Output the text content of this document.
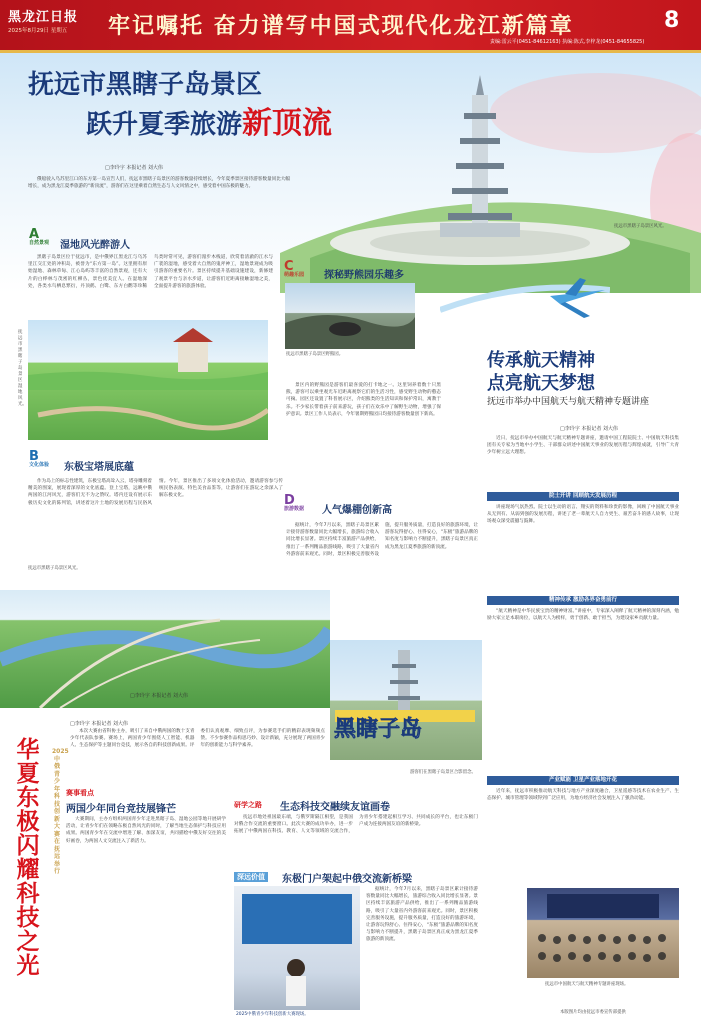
黑龙江日报
2025年8月29日 星期五 牢记嘱托 奋力谱写中国式现代化龙江新篇章	8
责编:雷云平(0451-84612163) 执编:陈式,李梓龙(0451-84655825)
抚远市黑瞎子岛景区
跃升夏季旅游新顶流
□李玲宇 本报记者 刘大伟

俄船驶入乌苏里江口的东方第一岛宣告人们，抚远市黑瞎子岛景区的游客数量持续增长，今年夏季景区接待游客数量同比大幅增长，成为黑龙江夏季旅游的“新顶流”，游客们在这里乘着自然生态与人文风情之中，感受着中国东极的魅力。

抚远市黑瞎子岛景区风光。
A
自然景观 湿地风光醉游人

黑瞎子岛景区位于抚远市，是中俄界江黑龙江与乌苏里江交汇处的冲积岛，被誉为“东方第一岛”。这里拥有原始湿地、森林草甸、江心岛屿等丰富的自然景观，还有大片的白桦林与茂密的红柳丛，景色优美宜人。在湿地深处，各类水鸟栖息繁衍，丹顶鹤、白鹭、东方白鹳等珍稀鸟类时常可见，游客们漫步木栈道，欣赏着清澈的江水与广袤的湿地，感受着大自然的鬼斧神工，湿地景观成为吸引游客的重要名片。景区持续提升基础设施建设，新修建了观景平台与亲水步道，让游客们近距离接触湿地之美，全面提升游客的旅游体验。

抚远市黑瞎子岛景区湿地风光。
C
萌趣乐园 探秘野熊园乐趣多
抚远市黑瞎子岛景区野熊园。

景区内的野熊园是游客们最喜爱的打卡地之一。这里饲养着数十只黑熊，游客可以乘坐观光车近距离观察它们的生活习性，感受野生动物的憨态可掬。园区还设置了科普展示区，介绍熊类的生活知识和保护常识，寓教于乐。不少家长带着孩子前来游玩，孩子们在欢乐中了解野生动物，增强了保护意识。景区工作人员表示，今年暑期野熊园日均接待游客数量创下新高。

传承航天精神
点亮航天梦想
抚远市举办中国航天与航天精神专题讲座
□李玲宇 本报记者 刘大伟

近日，抚远市举办中国航天与航天精神专题讲座，邀请中国工程院院士、中国航天科技集团有关专家为当地中小学生、干部群众讲述中国航天事业的发展历程与辉煌成就，引导广大青少年树立远大理想。

院士开讲 回顾航天发展历程

讲座现场气氛热烈。院士以生动的语言、翔实的资料和珍贵的影像，回顾了中国航天事业从无到有、从弱到强的发展历程，讲述了老一辈航天人自力更生、艰苦奋斗的感人故事，让现场观众深受震撼与鼓舞。

精神传承 激励各界奋勇前行

“航天精神是中华民族宝贵的精神财富。”讲座中，专家深入阐释了航天精神的深刻内涵，勉励大家立足本职岗位，以航天人为榜样，勇于创新、敢于担当，为建设家乡贡献力量。

产业赋能 卫星产业落地开花

近年来，抚远市积极推动航天科技与地方产业深度融合，卫星遥感等技术在农业生产、生态保护、城市管理等领域得到广泛应用，为地方经济社会发展注入了强劲动能。

抚远市中国航天与航天精神专题讲座现场。
本版图片均由抚远市委宣传部提供
B
文化体验 东极宝塔展底蕴

作为岛上的标志性建筑，东极宝塔高耸入云，塔身雕刻着精美的图案，展现着深厚的文化底蕴。登上宝塔，远眺中俄两国的江河风光，游客们无不为之赞叹。塔内还设有展示东极历史文化的陈列馆，讲述着这片土地的发展历程与民俗风情。今年，景区推出了多项文化体验活动，邀请游客参与传统民俗表演、特色美食品鉴等，让游客们在游玩之余深入了解东极文化。

抚远市黑瞎子岛景区风光。
D
旅游数据 人气爆棚创新高

据统计，今年7月以来，黑瞎子岛景区累计接待游客数量同比大幅增长，旅游综合收入同比增长显著。景区持续丰富旅游产品供给，推出了一系列精品旅游线路，吸引了大量省内外游客前来观光。同时，景区积极完善服务设施，提升服务质量，打造良好的旅游环境，让游客玩得舒心、住得安心，“东极”旅游品牌的知名度与影响力不断提升，黑瞎子岛景区真正成为黑龙江夏季旅游的新顶流。

□李玲宇 本报记者 刘大伟
黑瞎子岛
游客们在黑瞎子岛景区合影留念。
华夏东极闪耀科技之光
2025中俄青少年科技创新大赛在抚远举行
□李玲宇 本报记者 刘大伟

本次大赛由省科协主办，吸引了来自中俄两国的数十支青少年代表队参赛。赛场上，两国青少年围绕人工智能、机器人、生态保护等主题同台竞技，展示各自的科技创新成果。评委们认真观摩、细致点评，为参赛选手们的精彩表现频频点赞。不少参赛作品构思巧妙、设计新颖，充分展现了两国青少年的创新能力与科学素养。

赛事看点
两国少年同台竞技展锋芒

大赛期间，主办方组织两国青少年走进黑瞎子岛、湿地公园等地开展研学活动，让青少年们在领略东极自然风光的同时，了解当地生态保护与科技应用成果。两国青少年在交流中增进了解、加深友谊，共同描绘中俄友好交往的美好画卷，为两国人文交流注入了新活力。

研学之路 生态科技交融续友谊画卷

抚远市地处祖国最东端，与俄罗斯隔江相望，是我国对俄合作交流的重要窗口。此次大赛的成功举办，进一步拓展了中俄两国在科技、教育、人文等领域的交流合作，为青少年搭建起相互学习、共同成长的平台，也让东极门户成为连接两国友谊的新桥梁。

深远价值	东极门户架起中俄交流新桥梁
2025中俄青少年科技创新大赛现场。

据统计，今年7月以来，黑瞎子岛景区累计接待游客数量同比大幅增长，旅游综合收入同比增长显著。景区持续丰富旅游产品供给，推出了一系列精品旅游线路，吸引了大量省内外游客前来观光。同时，景区积极完善服务设施，提升服务质量，打造良好的旅游环境，让游客玩得舒心、住得安心，“东极”旅游品牌的知名度与影响力不断提升，黑瞎子岛景区真正成为黑龙江夏季旅游的新顶流。
